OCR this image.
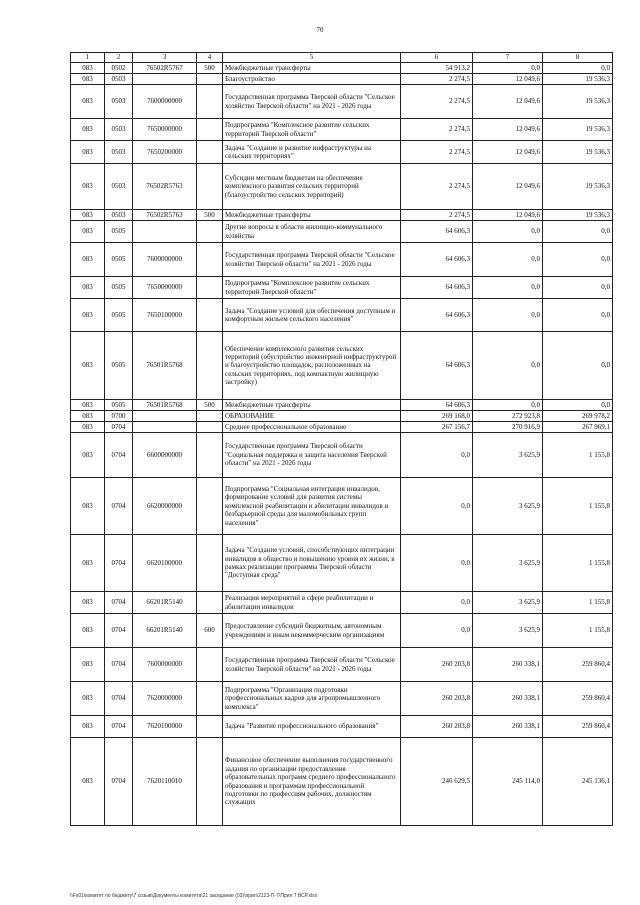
70
1	2	3	4	5	6	7	8
083	0502	76502R5767	500	Межбюджетные трансферты	54 913,2	0,0	0,0
083	0503			Благоустройство	2 274,5	12 049,6	19 536,3
083	0503	7600000000		Государственная программа Тверской области "Сельское хозяйство Тверской области" на 2021 - 2026 годы	2 274,5	12 049,6	19 536,3
083	0503	7650000000		Подпрограмма "Комплексное развитие сельских территорий Тверской области"	2 274,5	12 049,6	19 536,3
083	0503	7650200000		Задача "Создание и развитие инфраструктуры на сельских территориях"	2 274,5	12 049,6	19 536,3
083	0503	76502R5763		Субсидии местным бюджетам на обеспечение комплексного развития сельских территорий (благоустройство сельских территорий)	2 274,5	12 049,6	19 536,3
083	0503	76502R5763	500	Межбюджетные трансферты	2 274,5	12 049,6	19 536,3
083	0505			Другие вопросы в области жилищно-коммунального хозяйства	64 606,3	0,0	0,0
083	0505	7600000000		Государственная программа Тверской области "Сельское хозяйство Тверской области" на 2021 - 2026 годы	64 606,3	0,0	0,0
083	0505	7650000000		Подпрограмма "Комплексное развитие сельских территорий Тверской области"	64 606,3	0,0	0,0
083	0505	7650100000		Задача "Создание условий для обеспечения доступным и комфортным жильем сельского населения"	64 606,3	0,0	0,0
083	0505	76501R5768		Обеспечение комплексного развития сельских территорий (обустройство инженерной инфраструктурой и благоустройство площадок, расположенных на сельских территориях, под компактную жилищную застройку)	64 606,3	0,0	0,0
083	0505	76501R5768	500	Межбюджетные трансферты	64 606,3	0,0	0,0
083	0700			ОБРАЗОВАНИЕ	269 168,0	272 923,8	269 978,2
083	0704			Среднее профессиональное образование	267 156,7	270 916,9	267 969,1
083	0704	6600000000		Государственная программа Тверской области "Социальная поддержка и защита населения Тверской области" на 2021 - 2026 годы	0,0	3 625,9	1 155,8
083	0704	6620000000		Подпрограмма "Социальная интеграция инвалидов, формирование условий для развития системы комплексной реабилитации и абилитации инвалидов и безбарьерной среды для маломобильных групп населения"	0,0	3 625,9	1 155,8
083	0704	6620100000		Задача "Создание условий, способствующих интеграции инвалидов в общество и повышению уровня их жизни, в рамках реализации программы Тверской области "Доступная среда"	0,0	3 625,9	1 155,8
083	0704	66201R5140		Реализация мероприятий в сфере реабилитации и абилитации инвалидов	0,0	3 625,9	1 155,8
083	0704	66201R5140	600	Предоставление субсидий бюджетным, автономным учреждениям и иным некоммерческим организациям	0,0	3 625,9	1 155,8
083	0704	7600000000		Государственная программа Тверской области "Сельское хозяйство Тверской области" на 2021 - 2026 годы	260 203,8	260 338,1	259 860,4
083	0704	7620000000		Подпрограмма "Организация подготовки профессиональных кадров для агропромышленного комплекса"	260 203,8	260 338,1	259 860,4
083	0704	7620100000		Задача "Развитие профессионального образования"	260 203,8	260 338,1	259 860,4
083	0704	7620110010		Финансовое обеспечение выполнения государственного задания по организации предоставления образовательных программ среднего профессионального образования и программам профессиональной подготовки по профессиям рабочих, должностям служащих	246 629,5	245 114,0	245 136,1
\\Fs01\комитет по бюджету\7 созыв\Документы комитета\21 заседание (03)\прил\2123-П-7\Прил 7 ВСР.xlsx
